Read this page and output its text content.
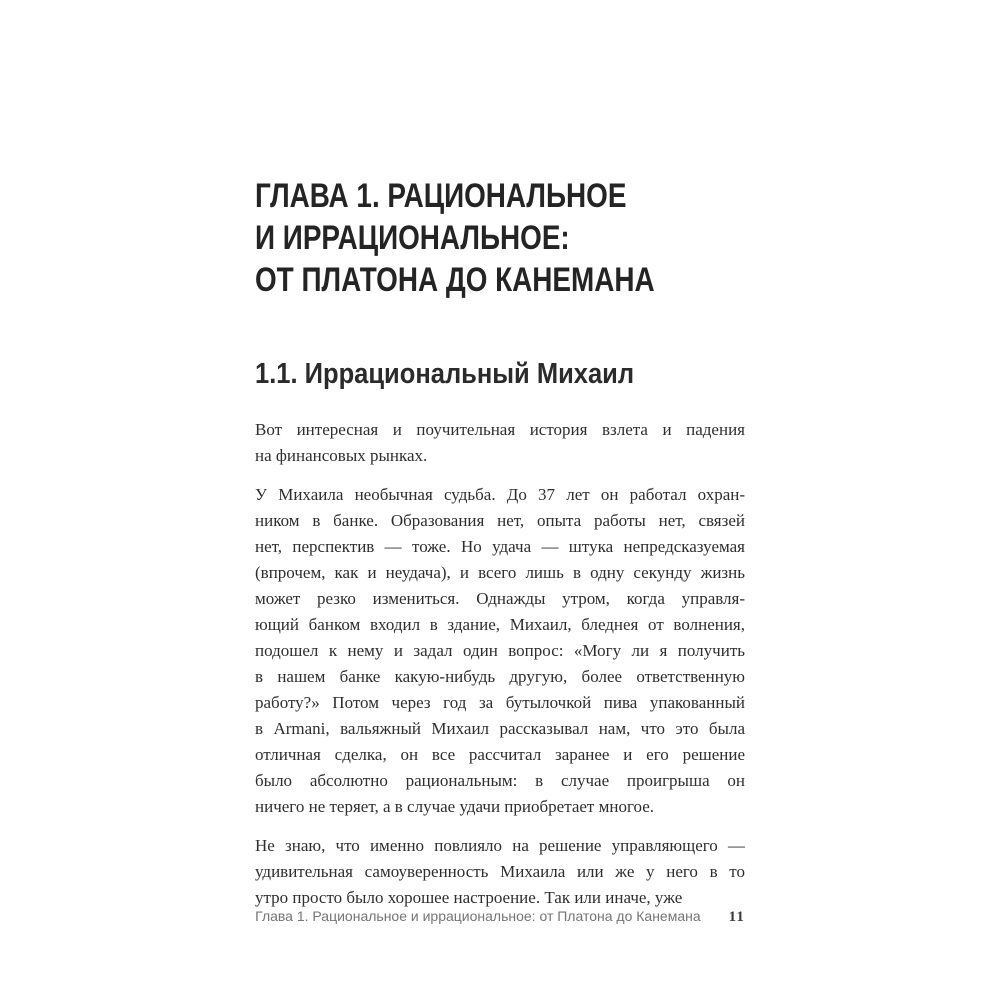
ГЛАВА 1. РАЦИОНАЛЬНОЕ
И ИРРАЦИОНАЛЬНОЕ:
ОТ ПЛАТОНА ДО КАНЕМАНА
1.1. Иррациональный Михаил
Вот интересная и поучительная история взлета и падения
на финансовых рынках.
У Михаила необычная судьба. До 37 лет он работал охран-
ником в банке. Образования нет, опыта работы нет, связей
нет, перспектив — тоже. Но удача — штука непредсказуемая
(впрочем, как и неудача), и всего лишь в одну секунду жизнь
может резко измениться. Однажды утром, когда управля-
ющий банком входил в здание, Михаил, бледнея от волнения,
подошел к нему и задал один вопрос: «Могу ли я получить
в нашем банке какую-нибудь другую, более ответственную
работу?» Потом через год за бутылочкой пива упакованный
в Armani, вальяжный Михаил рассказывал нам, что это была
отличная сделка, он все рассчитал заранее и его решение
было абсолютно рациональным: в случае проигрыша он
ничего не теряет, а в случае удачи приобретает многое.
Не знаю, что именно повлияло на решение управляющего —
удивительная самоуверенность Михаила или же у него в то
утро просто было хорошее настроение. Так или иначе, уже
Глава 1. Рациональное и иррациональное: от Платона до Канемана 11
